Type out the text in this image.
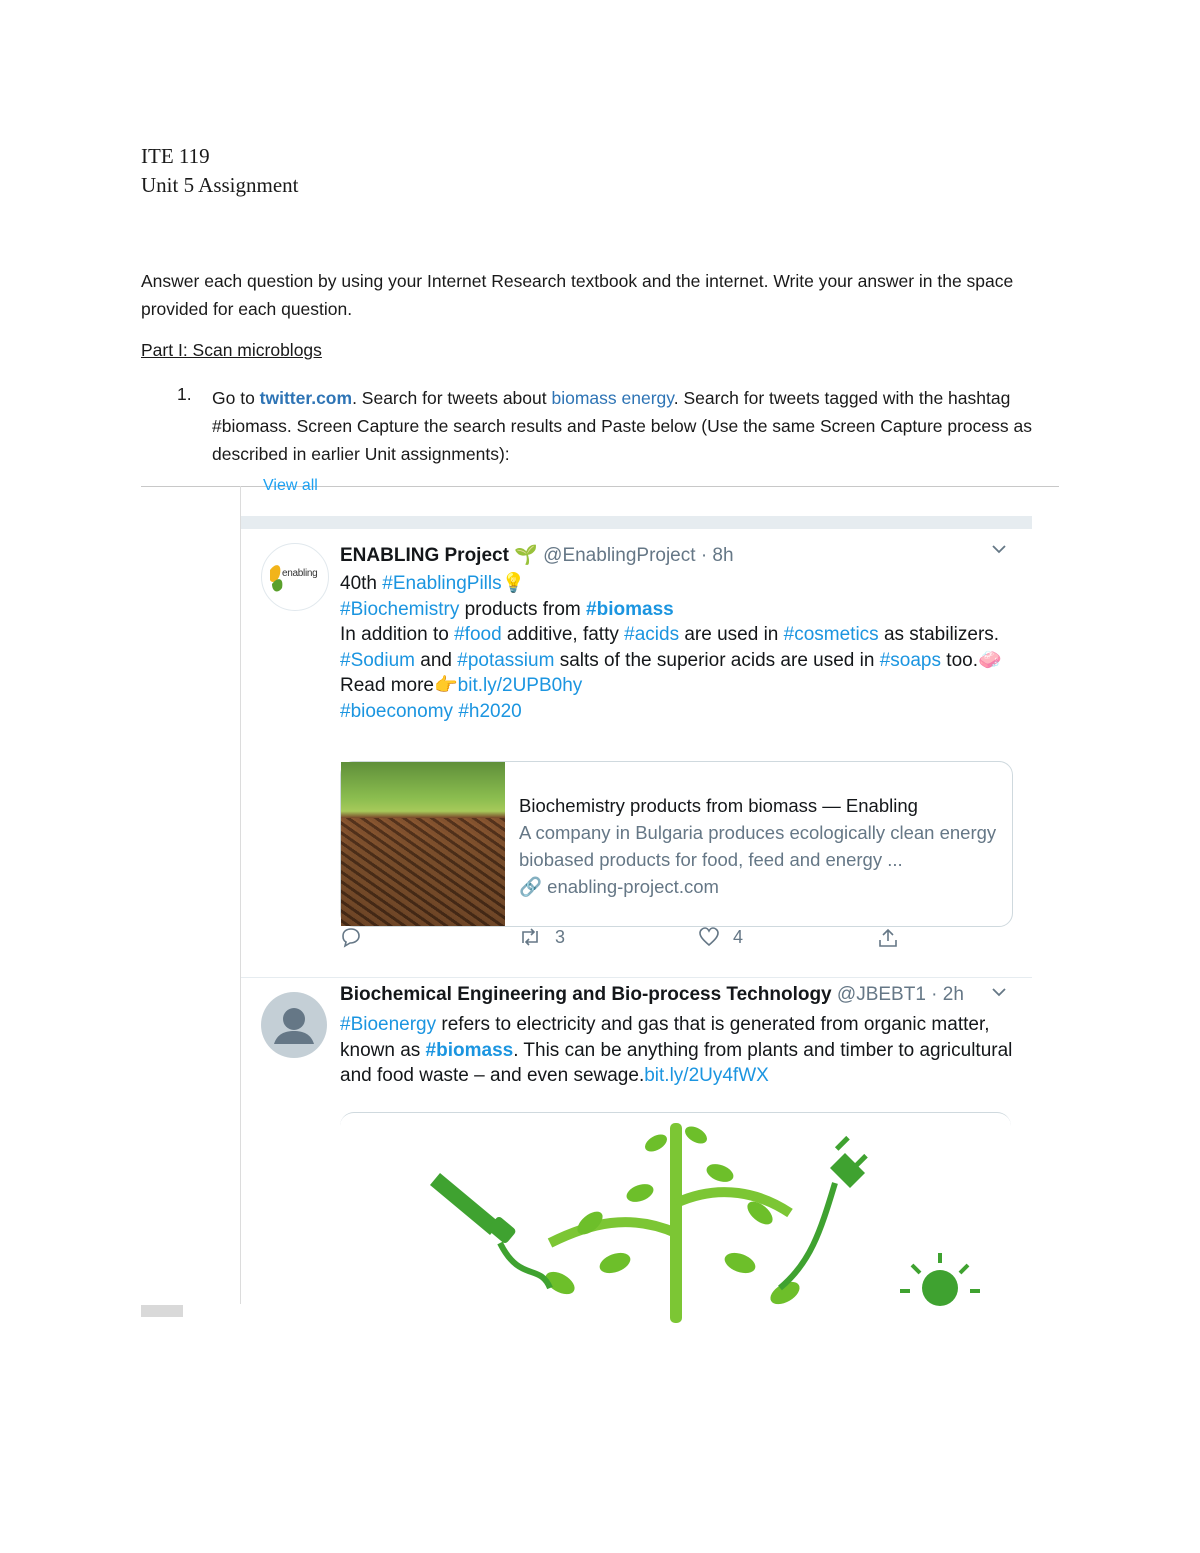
ITE 119
Unit 5 Assignment
Answer each question by using your Internet Research textbook and the internet. Write your answer in the space provided for each question.
Part I: Scan microblogs
1. Go to twitter.com. Search for tweets about biomass energy. Search for tweets tagged with the hashtag #biomass. Screen Capture the search results and Paste below (Use the same Screen Capture process as described in earlier Unit assignments):
View all
enabling
ENABLING Project 🌱 @EnablingProject · 8h

40th #EnablingPills💡

#Biochemistry products from #biomass

In addition to #food additive, fatty #acids are used in #cosmetics as stabilizers. #Sodium and #potassium salts of the superior acids are used in #soaps too.🧼

Read more👉bit.ly/2UPB0hy

#bioeconomy #h2020

Biochemistry products from biomass — Enabling
A company in Bulgaria produces ecologically clean energy biobased products for food, feed and energy ...
🔗 enabling-project.com
3	4
Biochemical Engineering and Bio-process Technology @JBEBT1 · 2h
#Bioenergy refers to electricity and gas that is generated from organic matter, known as #biomass. This can be anything from plants and timber to agricultural and food waste – and even sewage.bit.ly/2Uy4fWX
